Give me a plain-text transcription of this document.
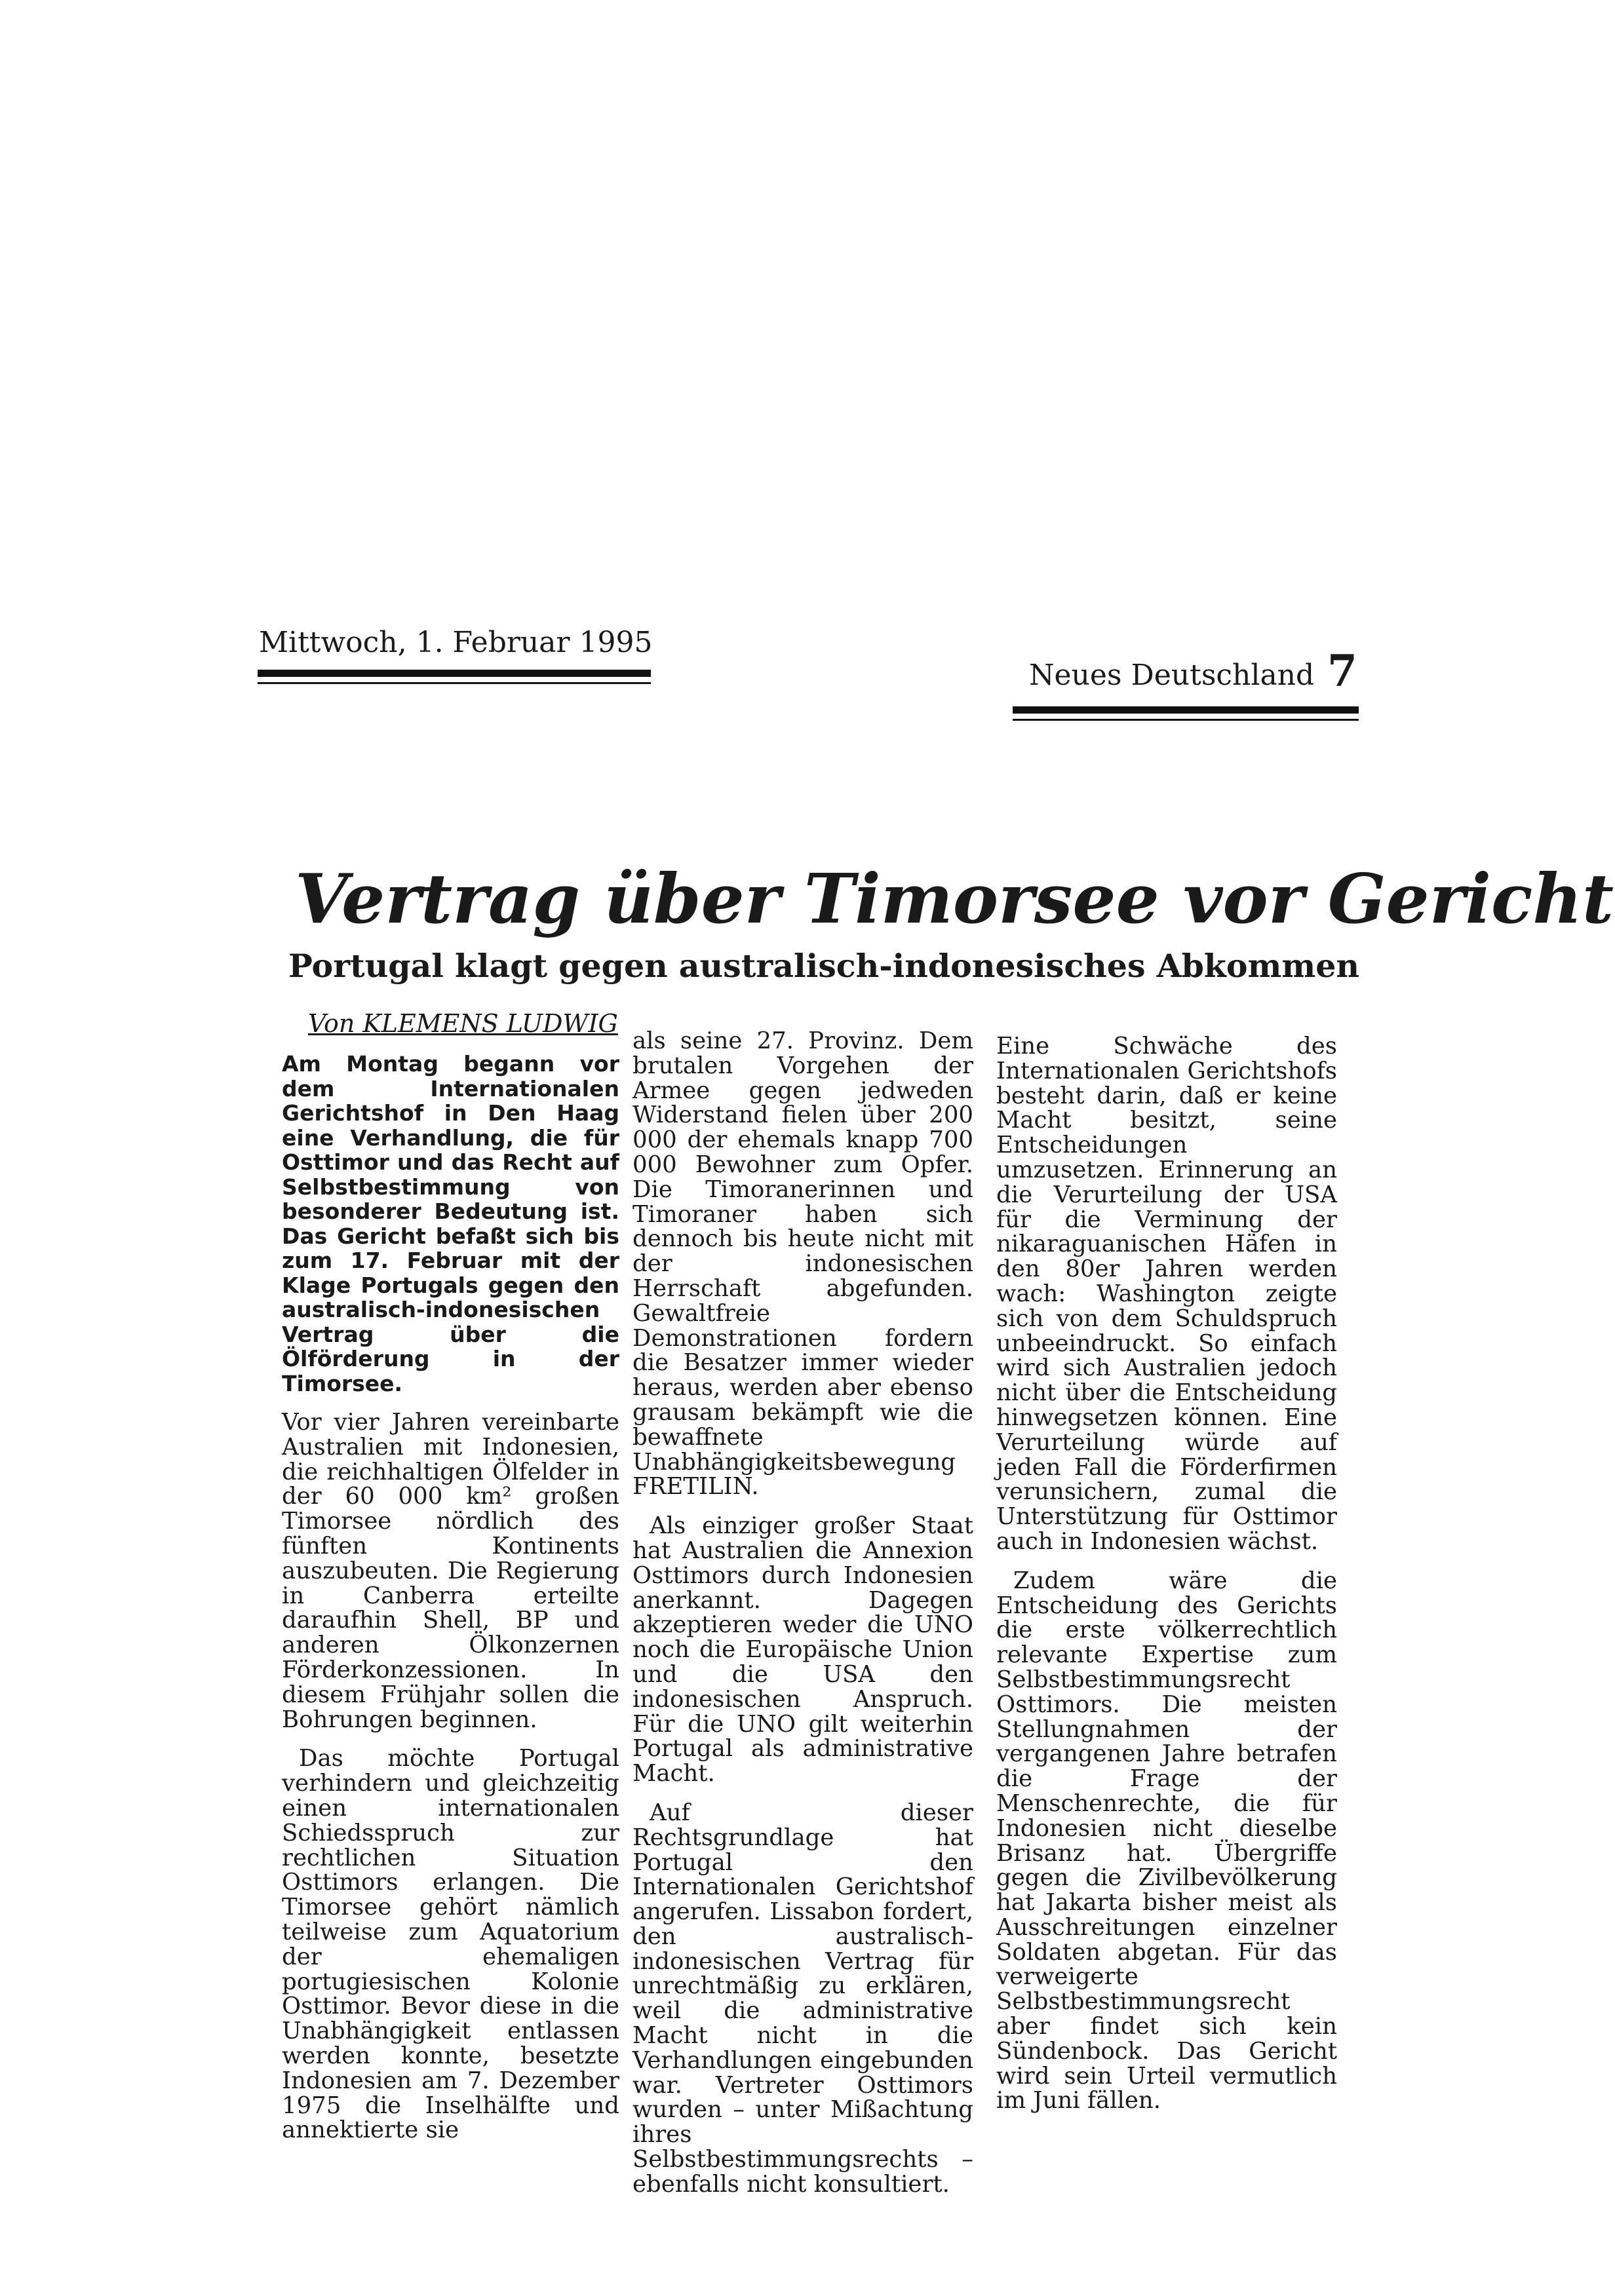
Mittwoch, 1. Februar 1995
Neues Deutschland 7
Vertrag über Timorsee vor Gericht
Portugal klagt gegen australisch-indonesisches Abkommen
Von KLEMENS LUDWIG

Am Montag begann vor dem Internationalen Gerichtshof in Den Haag eine Verhandlung, die für Osttimor und das Recht auf Selbstbestimmung von besonderer Bedeutung ist. Das Gericht befaßt sich bis zum 17. Februar mit der Klage Portugals gegen den australisch-indonesischen Vertrag über die Ölförderung in der Timorsee.

Vor vier Jahren vereinbarte Australien mit Indonesien, die reichhaltigen Ölfelder in der 60 000 km² großen Timorsee nördlich des fünften Kontinents auszubeuten. Die Regierung in Canberra erteilte daraufhin Shell, BP und anderen Ölkonzernen Förderkonzessionen. In diesem Frühjahr sollen die Bohrungen beginnen.

Das möchte Portugal verhindern und gleichzeitig einen internationalen Schiedsspruch zur rechtlichen Situation Osttimors erlangen. Die Timorsee gehört nämlich teilweise zum Aquatorium der ehemaligen portugiesischen Kolonie Osttimor. Bevor diese in die Unabhängigkeit entlassen werden konnte, besetzte Indonesien am 7. Dezember 1975 die Inselhälfte und annektierte sie

als seine 27. Provinz. Dem brutalen Vorgehen der Armee gegen jedweden Widerstand fielen über 200 000 der ehemals knapp 700 000 Bewohner zum Opfer. Die Timoranerinnen und Timoraner haben sich dennoch bis heute nicht mit der indonesischen Herrschaft abgefunden. Gewaltfreie Demonstrationen fordern die Besatzer immer wieder heraus, werden aber ebenso grausam bekämpft wie die bewaffnete Unabhängigkeitsbewegung FRETILIN.

Als einziger großer Staat hat Australien die Annexion Osttimors durch Indonesien anerkannt. Dagegen akzeptieren weder die UNO noch die Europäische Union und die USA den indonesischen Anspruch. Für die UNO gilt weiterhin Portugal als administrative Macht.

Auf dieser Rechtsgrundlage hat Portugal den Internationalen Gerichtshof angerufen. Lissabon fordert, den australisch-indonesischen Vertrag für unrechtmäßig zu erklären, weil die administrative Macht nicht in die Verhandlungen eingebunden war. Vertreter Osttimors wurden – unter Mißachtung ihres Selbstbestimmungsrechts – ebenfalls nicht konsultiert.

Eine Schwäche des Internationalen Gerichtshofs besteht darin, daß er keine Macht besitzt, seine Entscheidungen umzusetzen. Erinnerung an die Verurteilung der USA für die Verminung der nikaraguanischen Häfen in den 80er Jahren werden wach: Washington zeigte sich von dem Schuldspruch unbeeindruckt. So einfach wird sich Australien jedoch nicht über die Entscheidung hinwegsetzen können. Eine Verurteilung würde auf jeden Fall die Förderfirmen verunsichern, zumal die Unterstützung für Osttimor auch in Indonesien wächst.

Zudem wäre die Entscheidung des Gerichts die erste völkerrechtlich relevante Expertise zum Selbstbestimmungsrecht Osttimors. Die meisten Stellungnahmen der vergangenen Jahre betrafen die Frage der Menschenrechte, die für Indonesien nicht dieselbe Brisanz hat. Übergriffe gegen die Zivilbevölkerung hat Jakarta bisher meist als Ausschreitungen einzelner Soldaten abgetan. Für das verweigerte Selbstbestimmungsrecht aber findet sich kein Sündenbock. Das Gericht wird sein Urteil vermutlich im Juni fällen.
